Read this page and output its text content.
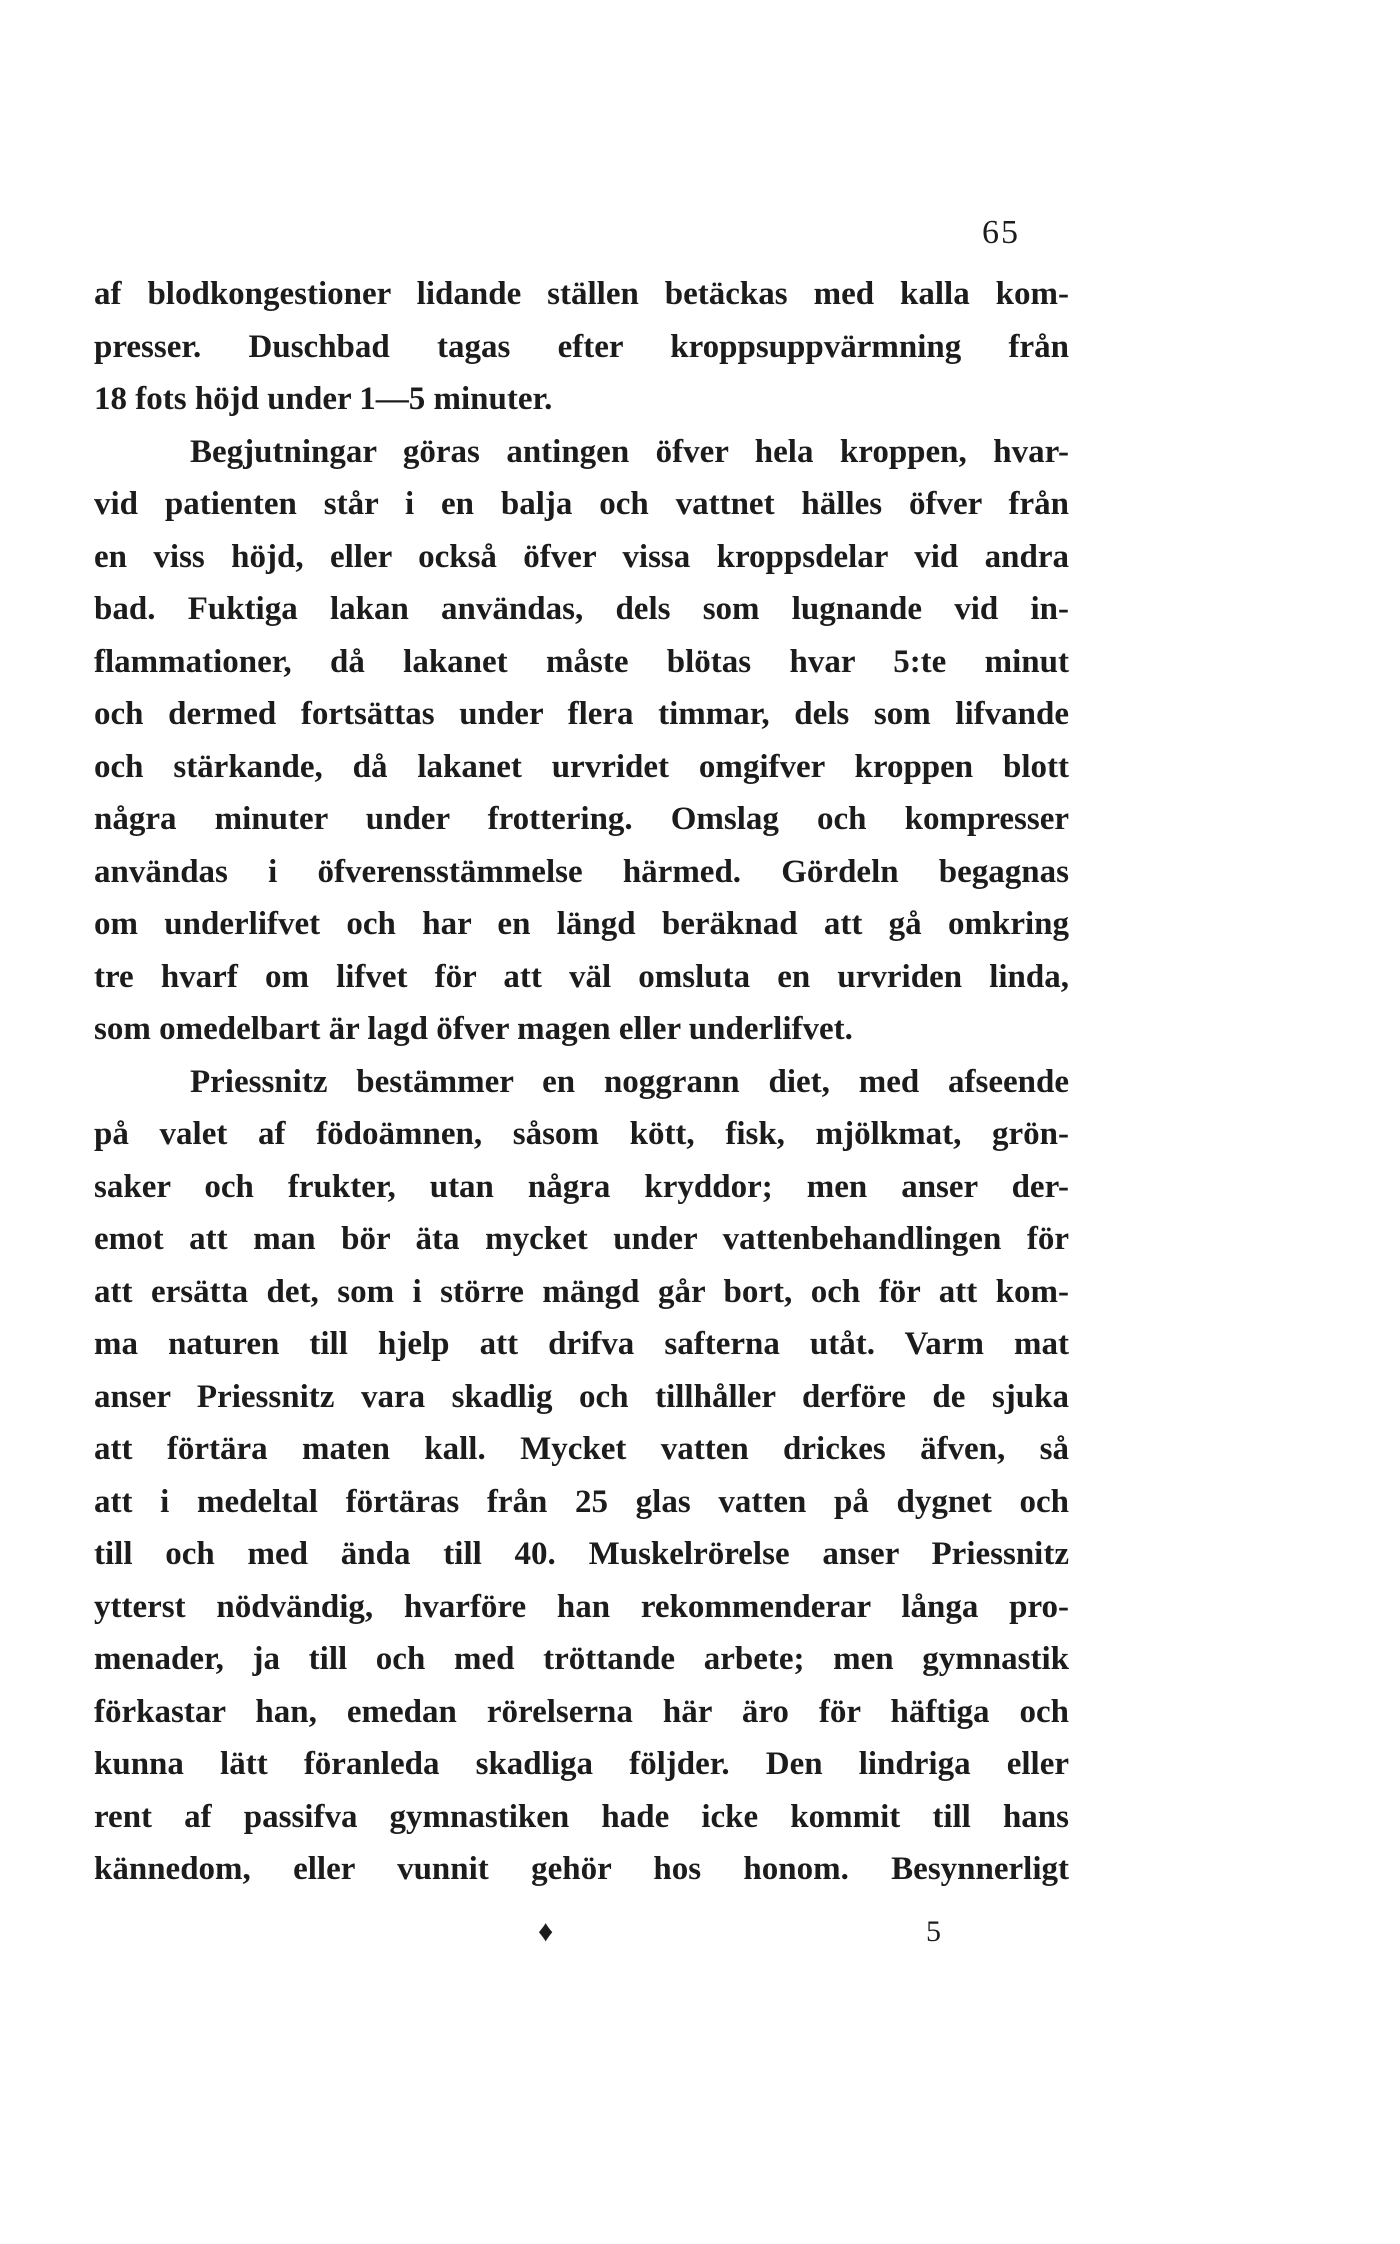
65
af blodkongestioner lidande ställen betäckas med kalla kom-
presser. Duschbad tagas efter kroppsuppvärmning från
18 fots höjd under 1—5 minuter.
Begjutningar göras antingen öfver hela kroppen, hvar-
vid patienten står i en balja och vattnet hälles öfver från
en viss höjd, eller också öfver vissa kroppsdelar vid andra
bad. Fuktiga lakan användas, dels som lugnande vid in-
flammationer, då lakanet måste blötas hvar 5:te minut
och dermed fortsättas under flera timmar, dels som lifvande
och stärkande, då lakanet urvridet omgifver kroppen blott
några minuter under frottering. Omslag och kompresser
användas i öfverensstämmelse härmed. Gördeln begagnas
om underlifvet och har en längd beräknad att gå omkring
tre hvarf om lifvet för att väl omsluta en urvriden linda,
som omedelbart är lagd öfver magen eller underlifvet.
Priessnitz bestämmer en noggrann diet, med afseende
på valet af födoämnen, såsom kött, fisk, mjölkmat, grön-
saker och frukter, utan några kryddor; men anser der-
emot att man bör äta mycket under vattenbehandlingen för
att ersätta det, som i större mängd går bort, och för att kom-
ma naturen till hjelp att drifva safterna utåt. Varm mat
anser Priessnitz vara skadlig och tillhåller derföre de sjuka
att förtära maten kall. Mycket vatten drickes äfven, så
att i medeltal förtäras från 25 glas vatten på dygnet och
till och med ända till 40. Muskelrörelse anser Priessnitz
ytterst nödvändig, hvarföre han rekommenderar långa pro-
menader, ja till och med tröttande arbete; men gymnastik
förkastar han, emedan rörelserna här äro för häftiga och
kunna lätt föranleda skadliga följder. Den lindriga eller
rent af passifva gymnastiken hade icke kommit till hans
kännedom, eller vunnit gehör hos honom. Besynnerligt
♦	5
